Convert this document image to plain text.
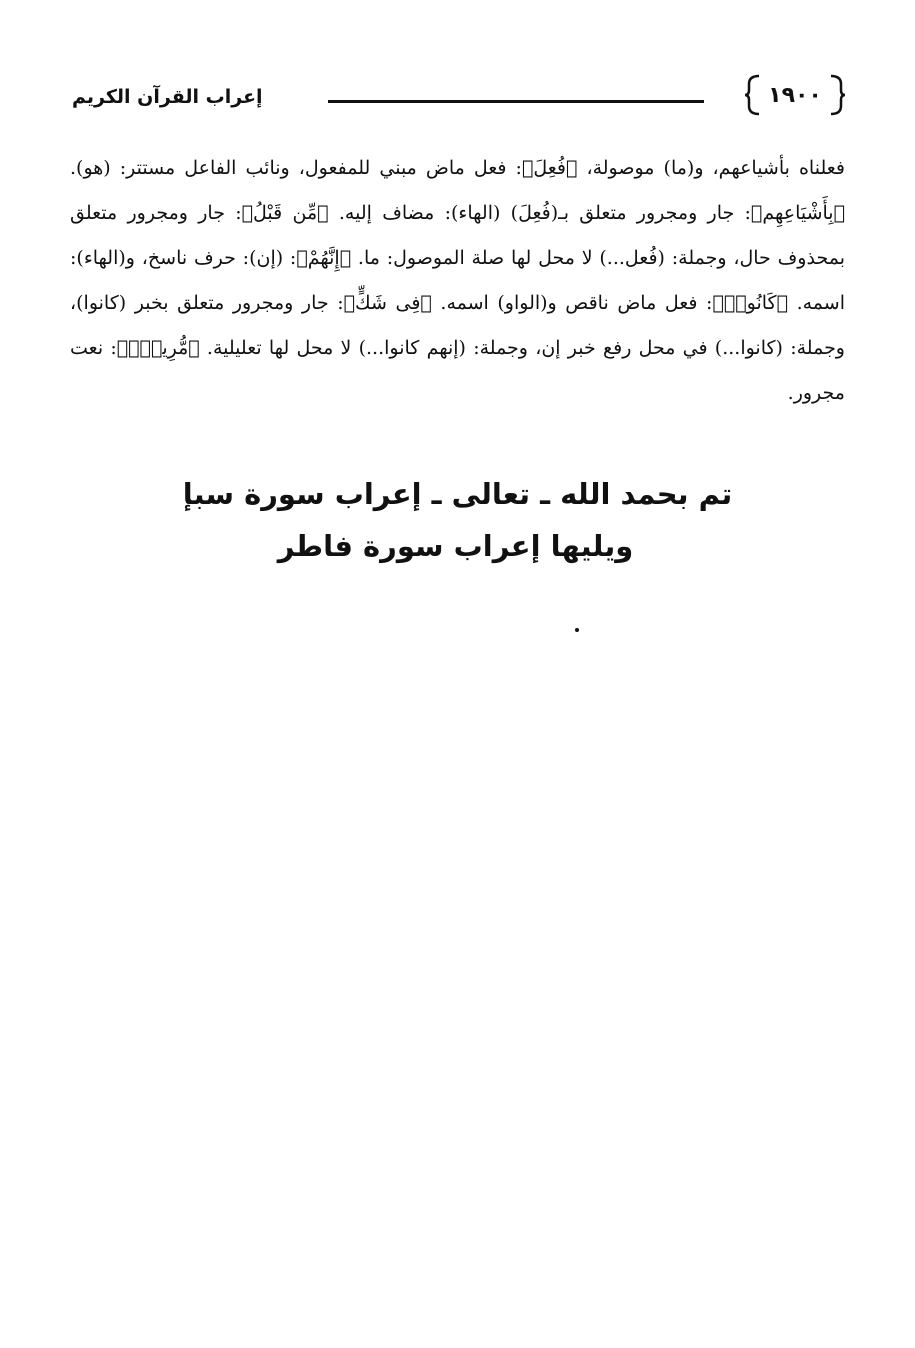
١٩٠٠
إعراب القرآن الكريم

فعلناه بأشياعهم، و(ما) موصولة، ﴿فُعِلَ﴾: فعل ماض مبني للمفعول، ونائب الفاعل مستتر: (هو). ﴿بِأَشْيَاعِهِم﴾: جار ومجرور متعلق بـ(فُعِلَ) (الهاء): مضاف إليه. ﴿مِّن قَبْلُ﴾: جار ومجرور متعلق بمحذوف حال، وجملة: (فُعل...) لا محل لها صلة الموصول: ما. ﴿إِنَّهُمْ﴾: (إن): حرف ناسخ، و(الهاء): اسمه. ﴿كَانُوا۟﴾: فعل ماض ناقص و(الواو) اسمه. ﴿فِى شَكٍّ﴾: جار ومجرور متعلق بخبر (كانوا)، وجملة: (كانوا...) في محل رفع خبر إن، وجملة: (إنهم كانوا...) لا محل لها تعليلية. ﴿مُّرِيبٍۭ﴾: نعت مجرور.

تم بحمد الله ـ تعالى ـ إعراب سورة سبإ
ويليها إعراب سورة فاطر
